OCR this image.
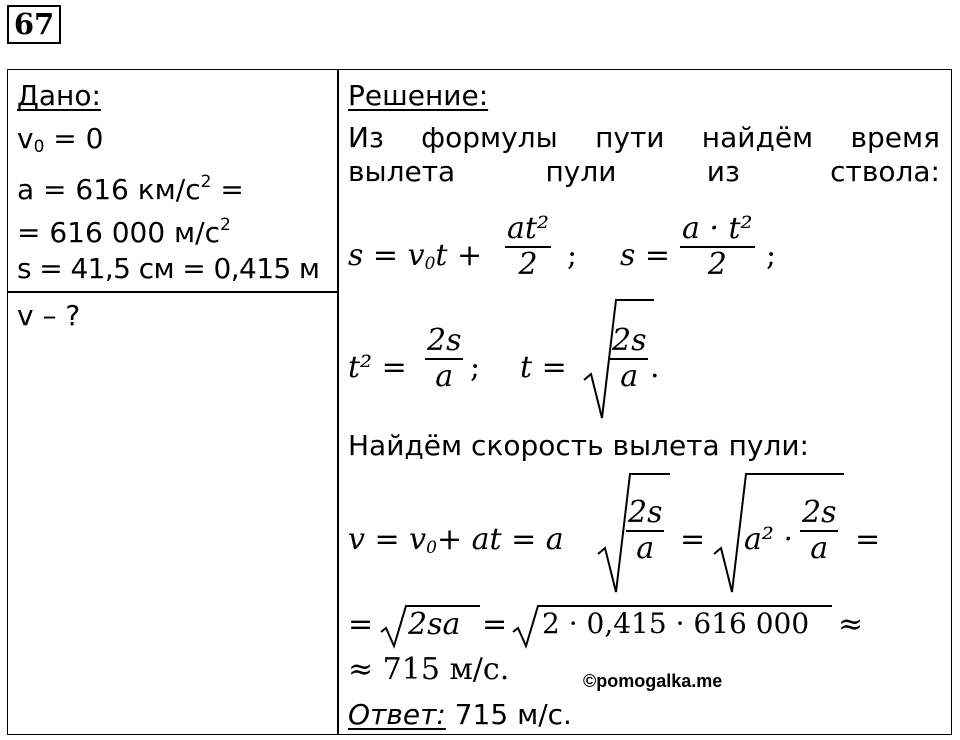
67
Дано:
$v_0 = 0$
a = 616 $км/с^2$ =
= 616 000 $м/с^2$
s = 41,5 см = 0,415 м
v – ?
Решение:
Из формулы пути найдём время вылета пули из ствола:
$s = v_0t$ +
at²
2 ; s =
a · t²
2	;
t² =
2s
a ; t =
2s
a .
Найдём скорость вылета пули:
$v = v_0+$ at = a
2s
a = a² ·
2s
a =
= 2sa = 2 · 0,415 · 616 000 ≈
≈ 715 м/с.	©pomogalka.me
Ответ: 715 м/с.
